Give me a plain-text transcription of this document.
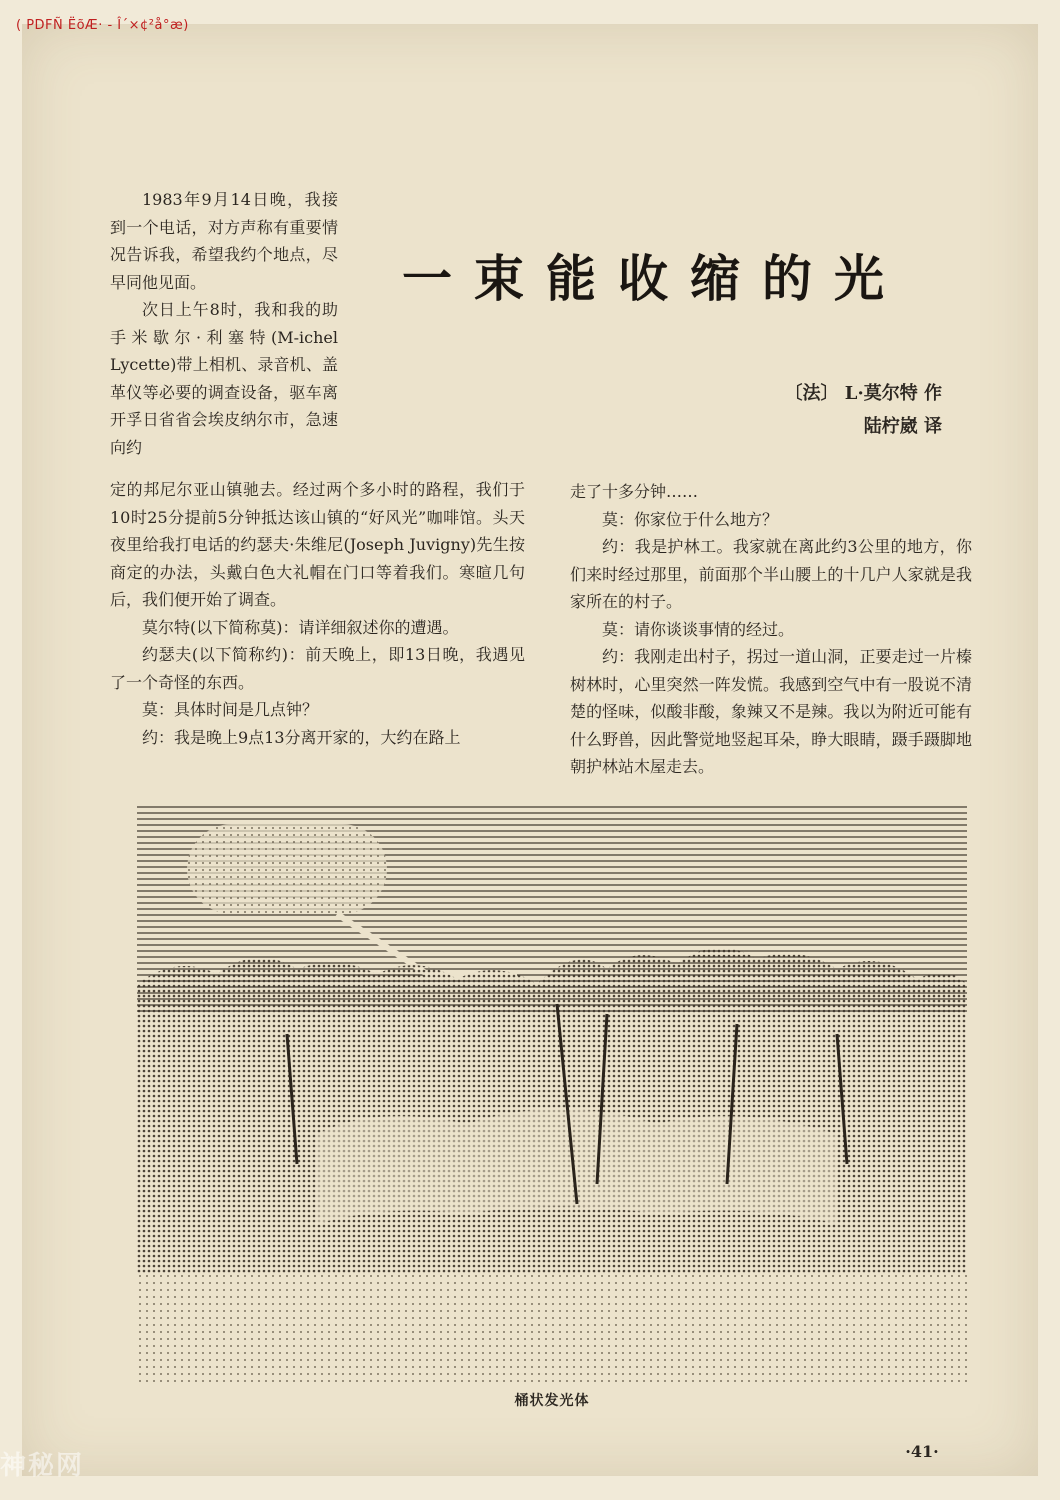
一束能收缩的光
〔法〕 L·莫尔特 作
陆柠崴 译

1983年9月14日晚，我接到一个电话，对方声称有重要情况告诉我，希望我约个地点，尽早同他见面。

次日上午8时，我和我的助手米歇尔·利塞特(M-ichel Lycette)带上相机、录音机、盖革仪等必要的调查设备，驱车离开孚日省省会埃皮纳尔市，急速向约

定的邦尼尔亚山镇驰去。经过两个多小时的路程，我们于10时25分提前5分钟抵达该山镇的“好风光”咖啡馆。头天夜里给我打电话的约瑟夫·朱维尼(Joseph Juvigny)先生按商定的办法，头戴白色大礼帽在门口等着我们。寒暄几句后，我们便开始了调查。

莫尔特(以下简称莫)：请详细叙述你的遭遇。

约瑟夫(以下简称约)：前天晚上，即13日晚，我遇见了一个奇怪的东西。

莫：具体时间是几点钟？

约：我是晚上9点13分离开家的，大约在路上

走了十多分钟……

莫：你家位于什么地方？

约：我是护林工。我家就在离此约3公里的地方，你们来时经过那里，前面那个半山腰上的十几户人家就是我家所在的村子。

莫：请你谈谈事情的经过。

约：我刚走出村子，拐过一道山洞，正要走过一片榛树林时，心里突然一阵发慌。我感到空气中有一股说不清楚的怪味，似酸非酸，象辣又不是辣。我以为附近可能有什么野兽，因此警觉地竖起耳朵，睁大眼睛，蹑手蹑脚地朝护林站木屋走去。

桶状发光体
·41·
( PDFÑ ËõÆ· - Î´×¢²å°æ)
神秘网
